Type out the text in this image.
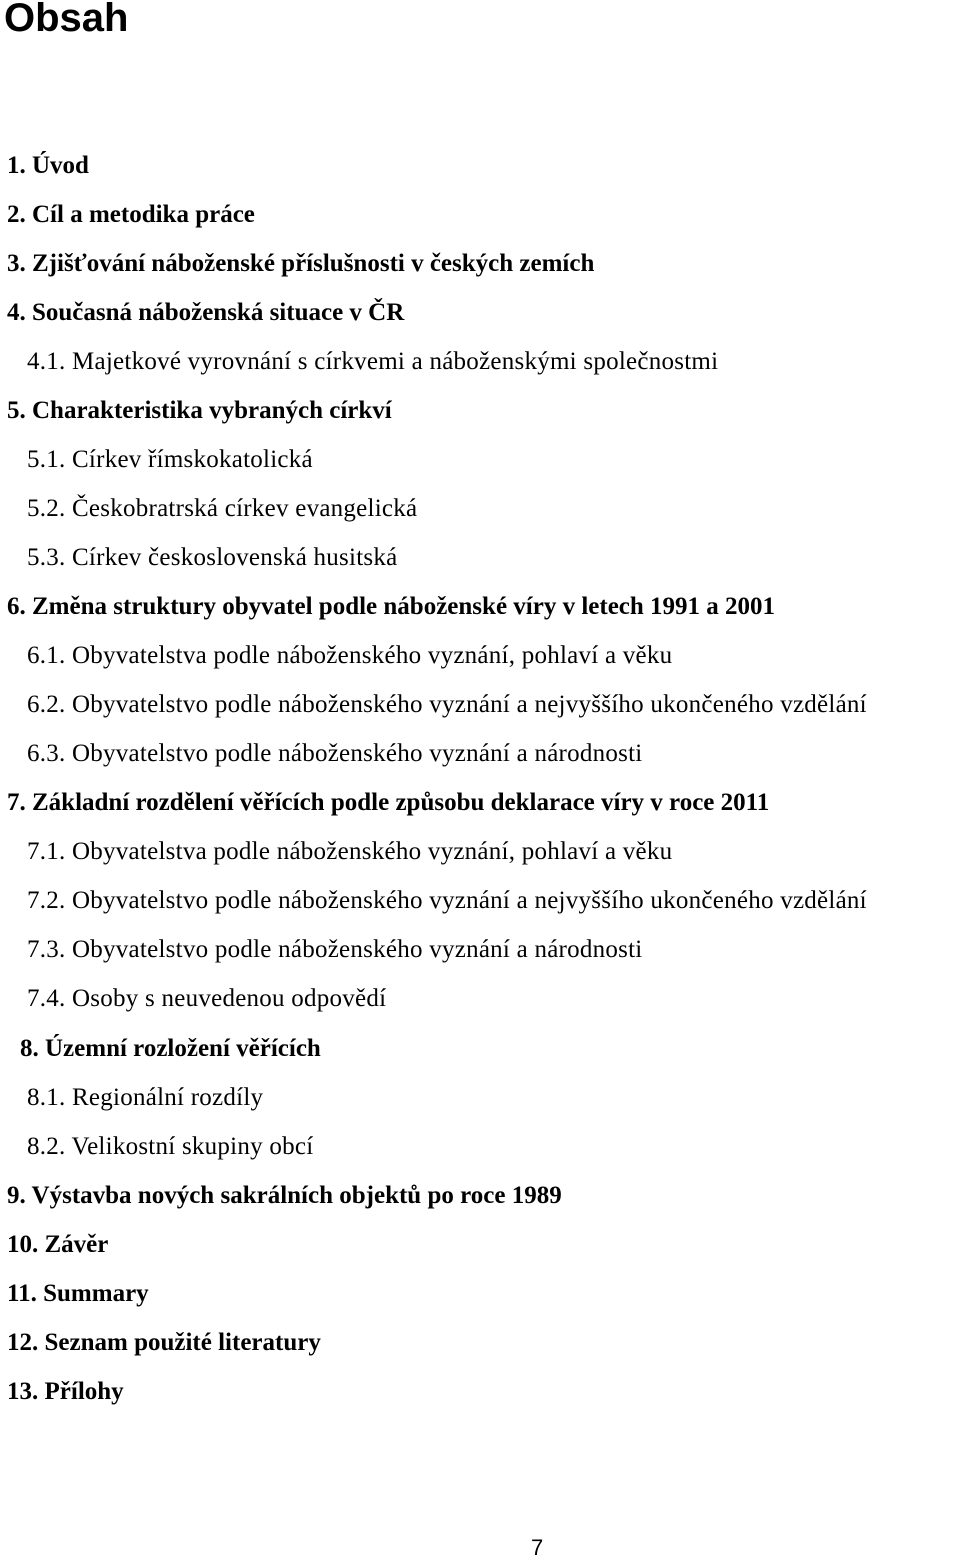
Obsah
1. Úvod
2. Cíl a metodika práce
3. Zjišťování náboženské příslušnosti v českých zemích
4. Současná náboženská situace v ČR
4.1. Majetkové vyrovnání s církvemi a náboženskými společnostmi
5. Charakteristika vybraných církví
5.1. Církev římskokatolická
5.2. Českobratrská církev evangelická
5.3. Církev československá husitská
6. Změna struktury obyvatel podle náboženské víry v letech 1991 a 2001
6.1. Obyvatelstva podle náboženského vyznání, pohlaví a věku
6.2. Obyvatelstvo podle náboženského vyznání a nejvyššího ukončeného vzdělání
6.3. Obyvatelstvo podle náboženského vyznání a národnosti
7. Základní rozdělení věřících podle způsobu deklarace víry v roce 2011
7.1. Obyvatelstva podle náboženského vyznání, pohlaví a věku
7.2. Obyvatelstvo podle náboženského vyznání a nejvyššího ukončeného vzdělání
7.3. Obyvatelstvo podle náboženského vyznání a národnosti
7.4. Osoby s neuvedenou odpovědí
8. Územní rozložení věřících
8.1. Regionální rozdíly
8.2. Velikostní skupiny obcí
9. Výstavba nových sakrálních objektů po roce 1989
10. Závěr
11. Summary
12. Seznam použité literatury
13. Přílohy
7
